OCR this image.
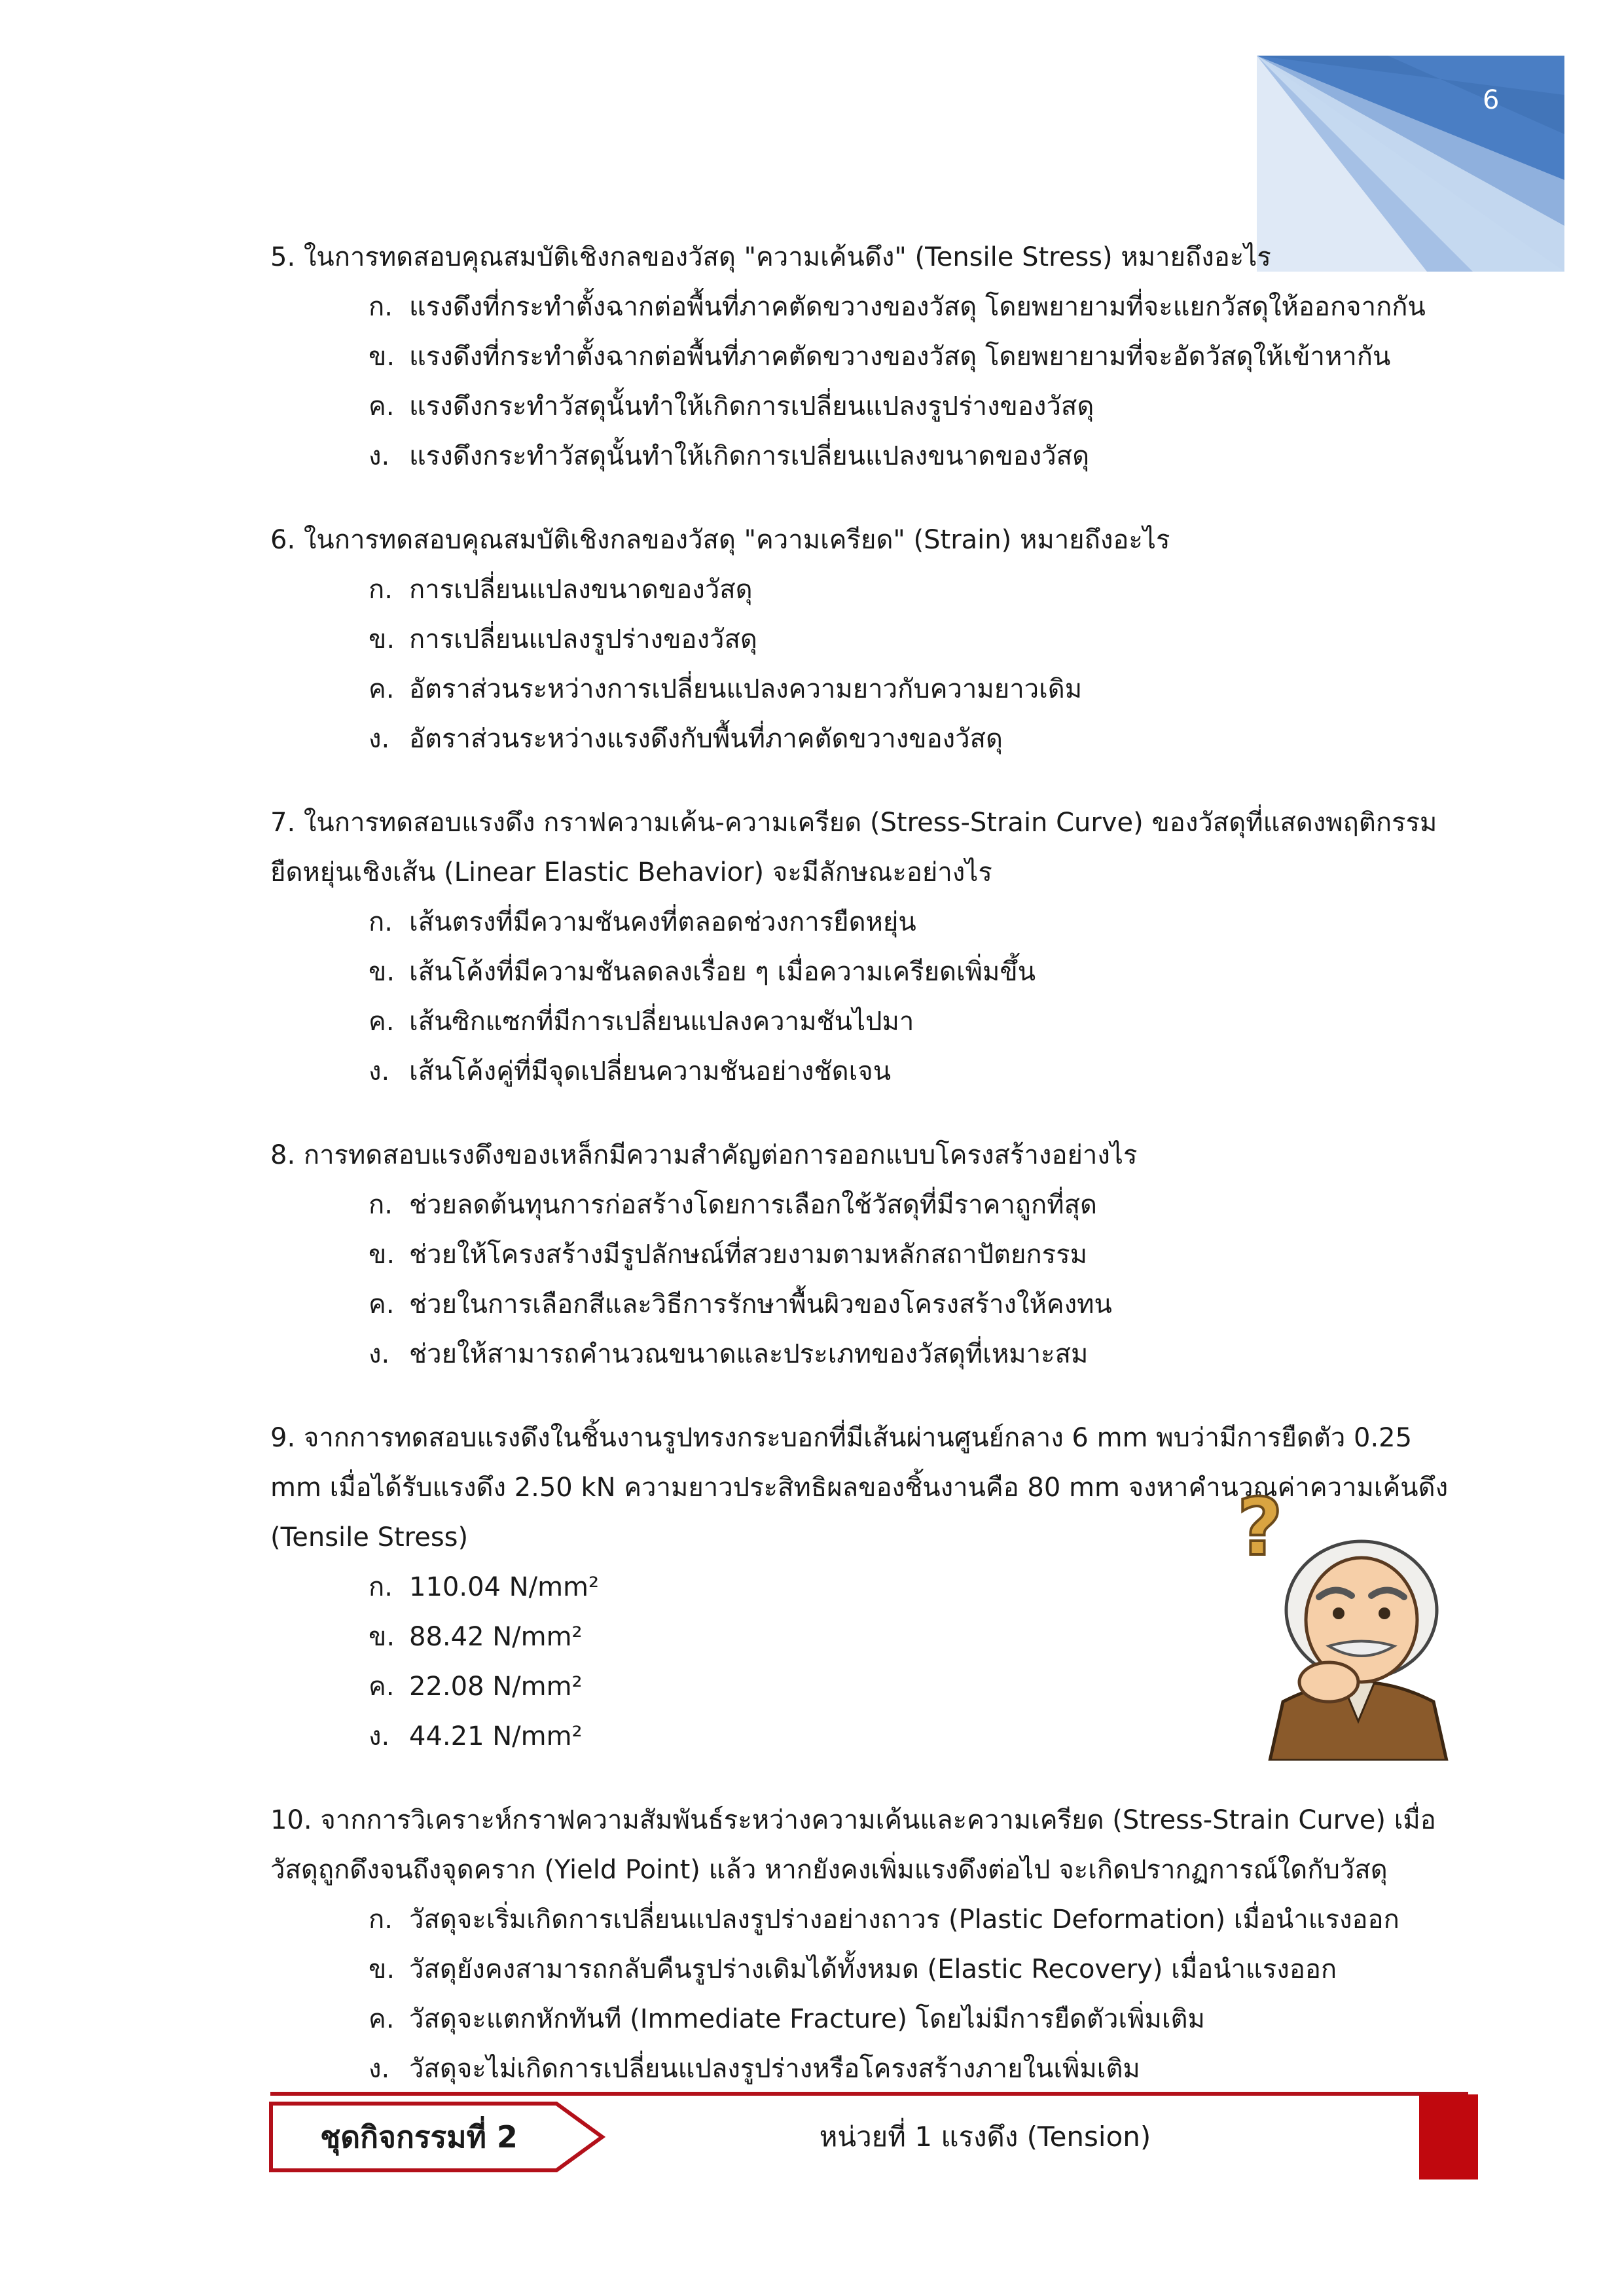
6

5. ในการทดสอบคุณสมบัติเชิงกลของวัสดุ "ความเค้นดึง" (Tensile Stress) หมายถึงอะไร

ก. แรงดึงที่กระทำตั้งฉากต่อพื้นที่ภาคตัดขวางของวัสดุ โดยพยายามที่จะแยกวัสดุให้ออกจากกัน
ข. แรงดึงที่กระทำตั้งฉากต่อพื้นที่ภาคตัดขวางของวัสดุ โดยพยายามที่จะอัดวัสดุให้เข้าหากัน
ค. แรงดึงกระทำวัสดุนั้นทำให้เกิดการเปลี่ยนแปลงรูปร่างของวัสดุ
ง. แรงดึงกระทำวัสดุนั้นทำให้เกิดการเปลี่ยนแปลงขนาดของวัสดุ

6. ในการทดสอบคุณสมบัติเชิงกลของวัสดุ "ความเครียด" (Strain) หมายถึงอะไร

ก. การเปลี่ยนแปลงขนาดของวัสดุ
ข. การเปลี่ยนแปลงรูปร่างของวัสดุ
ค. อัตราส่วนระหว่างการเปลี่ยนแปลงความยาวกับความยาวเดิม
ง. อัตราส่วนระหว่างแรงดึงกับพื้นที่ภาคตัดขวางของวัสดุ

7. ในการทดสอบแรงดึง กราฟความเค้น-ความเครียด (Stress-Strain Curve) ของวัสดุที่แสดงพฤติกรรมยืดหยุ่นเชิงเส้น (Linear Elastic Behavior) จะมีลักษณะอย่างไร

ก. เส้นตรงที่มีความชันคงที่ตลอดช่วงการยืดหยุ่น
ข. เส้นโค้งที่มีความชันลดลงเรื่อย ๆ เมื่อความเครียดเพิ่มขึ้น
ค. เส้นซิกแซกที่มีการเปลี่ยนแปลงความชันไปมา
ง. เส้นโค้งคู่ที่มีจุดเปลี่ยนความชันอย่างชัดเจน

8. การทดสอบแรงดึงของเหล็กมีความสำคัญต่อการออกแบบโครงสร้างอย่างไร

ก. ช่วยลดต้นทุนการก่อสร้างโดยการเลือกใช้วัสดุที่มีราคาถูกที่สุด
ข. ช่วยให้โครงสร้างมีรูปลักษณ์ที่สวยงามตามหลักสถาปัตยกรรม
ค. ช่วยในการเลือกสีและวิธีการรักษาพื้นผิวของโครงสร้างให้คงทน
ง. ช่วยให้สามารถคำนวณขนาดและประเภทของวัสดุที่เหมาะสม

9. จากการทดสอบแรงดึงในชิ้นงานรูปทรงกระบอกที่มีเส้นผ่านศูนย์กลาง 6 mm พบว่ามีการยืดตัว 0.25 mm เมื่อได้รับแรงดึง 2.50 kN ความยาวประสิทธิผลของชิ้นงานคือ 80 mm จงหาคำนวณค่าความเค้นดึง (Tensile Stress)

ก. 110.04 N/mm²
ข. 88.42 N/mm²
ค. 22.08 N/mm²
ง. 44.21 N/mm²

10. จากการวิเคราะห์กราฟความสัมพันธ์ระหว่างความเค้นและความเครียด (Stress-Strain Curve) เมื่อวัสดุถูกดึงจนถึงจุดคราก (Yield Point) แล้ว หากยังคงเพิ่มแรงดึงต่อไป จะเกิดปรากฏการณ์ใดกับวัสดุ

ก. วัสดุจะเริ่มเกิดการเปลี่ยนแปลงรูปร่างอย่างถาวร (Plastic Deformation) เมื่อนำแรงออก
ข. วัสดุยังคงสามารถกลับคืนรูปร่างเดิมได้ทั้งหมด (Elastic Recovery) เมื่อนำแรงออก
ค. วัสดุจะแตกหักทันที (Immediate Fracture) โดยไม่มีการยืดตัวเพิ่มเติม
ง. วัสดุจะไม่เกิดการเปลี่ยนแปลงรูปร่างหรือโครงสร้างภายในเพิ่มเติม
?
ชุดกิจกรรมที่ 2	หน่วยที่ 1 แรงดึง (Tension)
